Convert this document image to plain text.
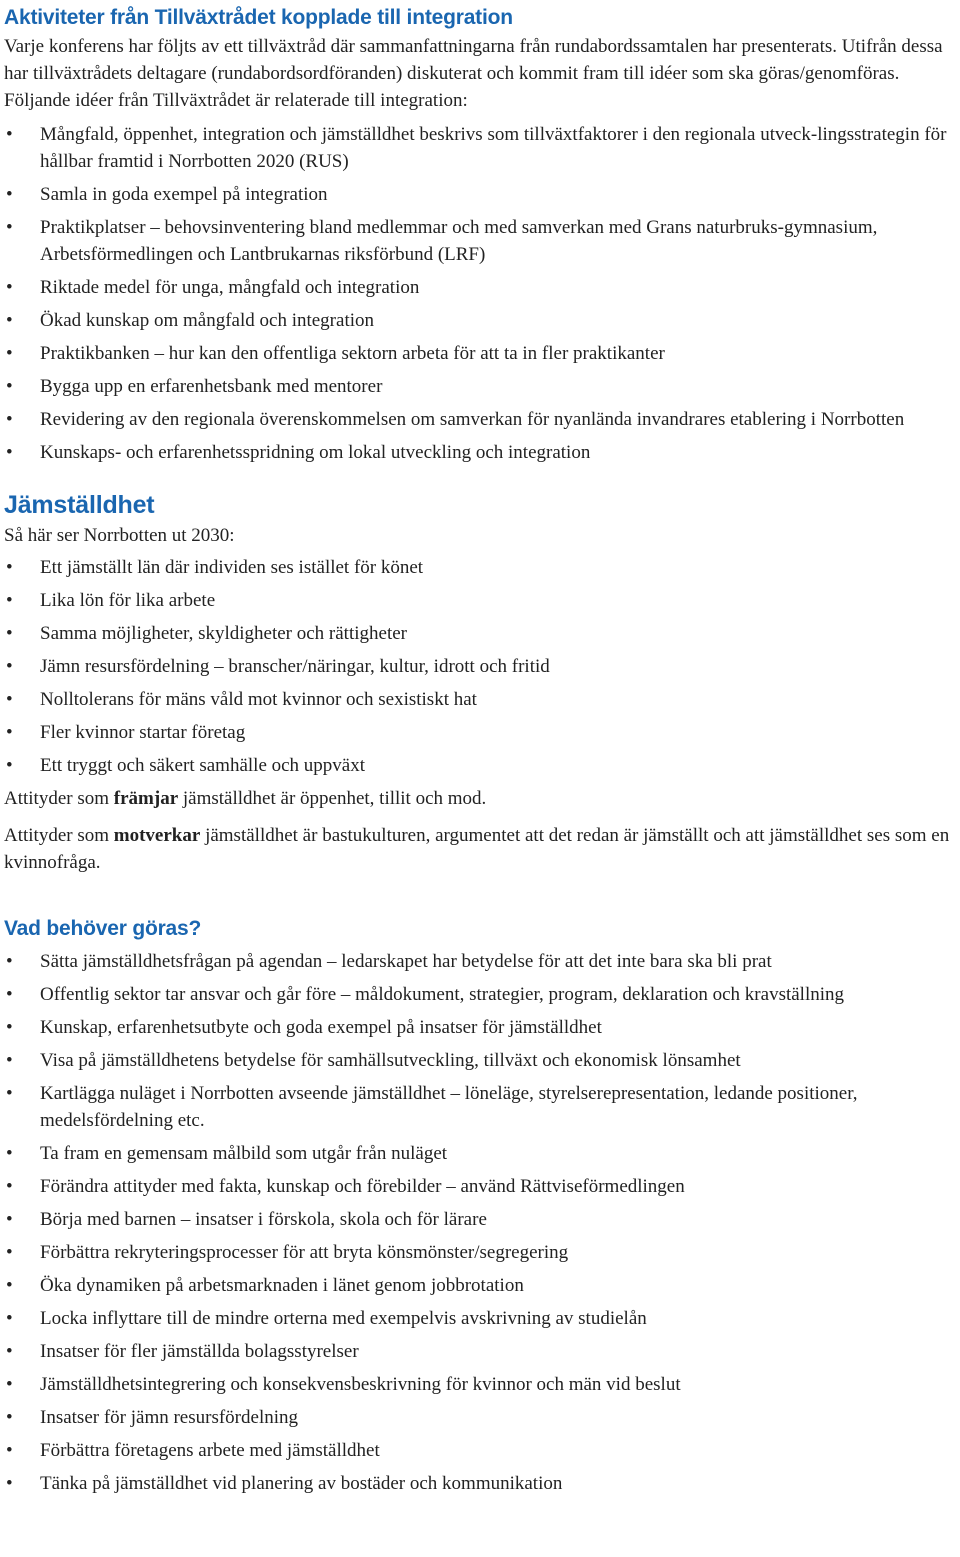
Aktiviteter från Tillväxtrådet kopplade till integration

Varje konferens har följts av ett tillväxtråd där sammanfattningarna från rundabordssamtalen har presenterats. Utifrån dessa har tillväxtrådets deltagare (rundabordsordföranden) diskuterat och kommit fram till idéer som ska göras/genomföras. Följande idéer från Tillväxtrådet är relaterade till integration:

• Mångfald, öppenhet, integration och jämställdhet beskrivs som tillväxtfaktorer i den regionala utveck-lingsstrategin för hållbar framtid i Norrbotten 2020 (RUS)
• Samla in goda exempel på integration
• Praktikplatser – behovsinventering bland medlemmar och med samverkan med Grans naturbruks-gymnasium, Arbetsförmedlingen och Lantbrukarnas riksförbund (LRF)
• Riktade medel för unga, mångfald och integration
• Ökad kunskap om mångfald och integration
• Praktikbanken – hur kan den offentliga sektorn arbeta för att ta in fler praktikanter
• Bygga upp en erfarenhetsbank med mentorer
• Revidering av den regionala överenskommelsen om samverkan för nyanlända invandrares etablering i Norrbotten
• Kunskaps- och erfarenhetsspridning om lokal utveckling och integration
Jämställdhet

Så här ser Norrbotten ut 2030:

• Ett jämställt län där individen ses istället för könet
• Lika lön för lika arbete
• Samma möjligheter, skyldigheter och rättigheter
• Jämn resursfördelning – branscher/näringar, kultur, idrott och fritid
• Nolltolerans för mäns våld mot kvinnor och sexistiskt hat
• Fler kvinnor startar företag
• Ett tryggt och säkert samhälle och uppväxt

Attityder som främjar jämställdhet är öppenhet, tillit och mod.

Attityder som motverkar jämställdhet är bastukulturen, argumentet att det redan är jämställt och att jämställdhet ses som en kvinnofråga.

Vad behöver göras?
• Sätta jämställdhetsfrågan på agendan – ledarskapet har betydelse för att det inte bara ska bli prat
• Offentlig sektor tar ansvar och går före – måldokument, strategier, program, deklaration och kravställning
• Kunskap, erfarenhetsutbyte och goda exempel på insatser för jämställdhet
• Visa på jämställdhetens betydelse för samhällsutveckling, tillväxt och ekonomisk lönsamhet
• Kartlägga nuläget i Norrbotten avseende jämställdhet – löneläge, styrelserepresentation, ledande positioner, medelsfördelning etc.
• Ta fram en gemensam målbild som utgår från nuläget
• Förändra attityder med fakta, kunskap och förebilder – använd Rättviseförmedlingen
• Börja med barnen – insatser i förskola, skola och för lärare
• Förbättra rekryteringsprocesser för att bryta könsmönster/segregering
• Öka dynamiken på arbetsmarknaden i länet genom jobbrotation
• Locka inflyttare till de mindre orterna med exempelvis avskrivning av studielån
• Insatser för fler jämställda bolagsstyrelser
• Jämställdhetsintegrering och konsekvensbeskrivning för kvinnor och män vid beslut
• Insatser för jämn resursfördelning
• Förbättra företagens arbete med jämställdhet
• Tänka på jämställdhet vid planering av bostäder och kommunikation
